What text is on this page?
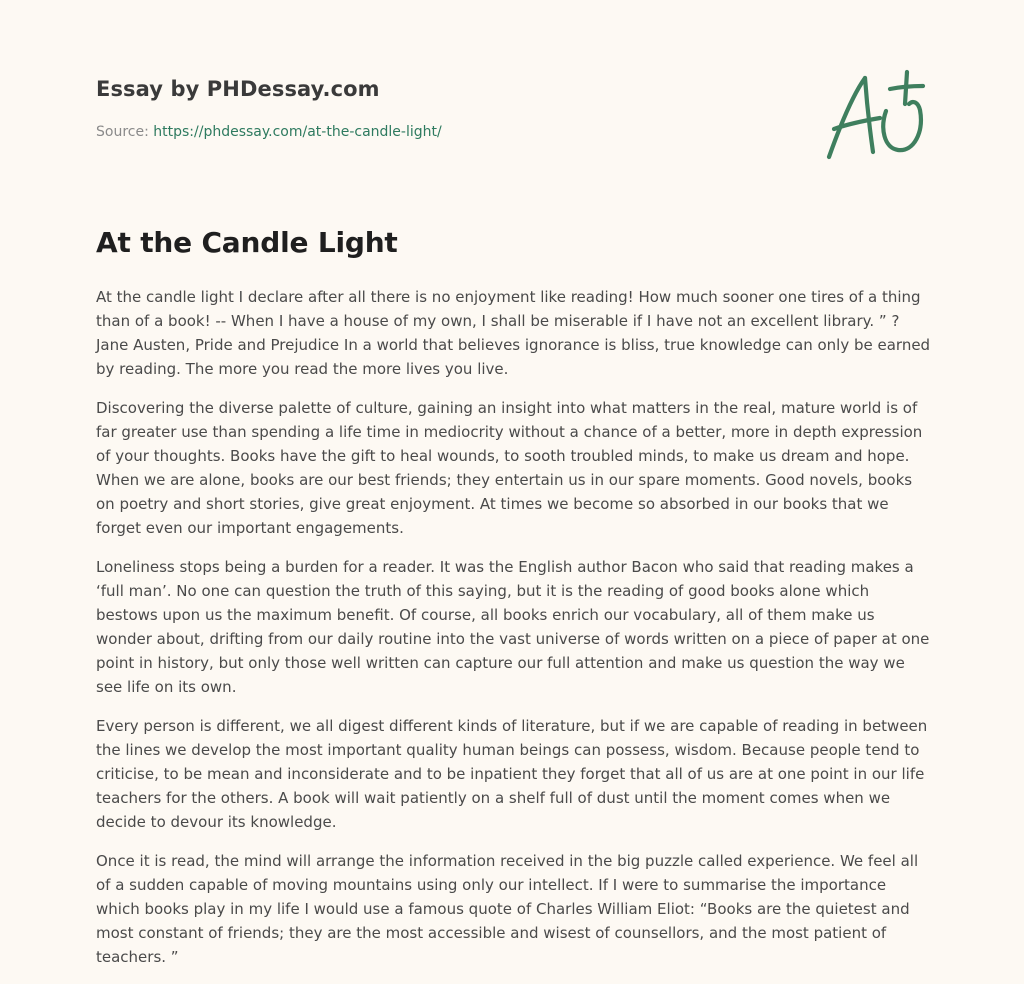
Essay by PHDessay.com
Source: https://phdessay.com/at-the-candle-light/
At the Candle Light

At the candle light I declare after all there is no enjoyment like reading! How much sooner one tires of a thing than of a book! -- When I have a house of my own, I shall be miserable if I have not an excellent library. ” ? Jane Austen, Pride and Prejudice In a world that believes ignorance is bliss, true knowledge can only be earned by reading. The more you read the more lives you live.

Discovering the diverse palette of culture, gaining an insight into what matters in the real, mature world is of far greater use than spending a life time in mediocrity without a chance of a better, more in depth expression of your thoughts. Books have the gift to heal wounds, to sooth troubled minds, to make us dream and hope. When we are alone, books are our best friends; they entertain us in our spare moments. Good novels, books on poetry and short stories, give great enjoyment. At times we become so absorbed in our books that we forget even our important engagements.

Loneliness stops being a burden for a reader. It was the English author Bacon who said that reading makes a ‘full man’. No one can question the truth of this saying, but it is the reading of good books alone which bestows upon us the maximum benefit. Of course, all books enrich our vocabulary, all of them make us wonder about, drifting from our daily routine into the vast universe of words written on a piece of paper at one point in history, but only those well written can capture our full attention and make us question the way we see life on its own.

Every person is different, we all digest different kinds of literature, but if we are capable of reading in between the lines we develop the most important quality human beings can possess, wisdom. Because people tend to criticise, to be mean and inconsiderate and to be inpatient they forget that all of us are at one point in our life teachers for the others. A book will wait patiently on a shelf full of dust until the moment comes when we decide to devour its knowledge.

Once it is read, the mind will arrange the information received in the big puzzle called experience. We feel all of a sudden capable of moving mountains using only our intellect. If I were to summarise the importance which books play in my life I would use a famous quote of Charles William Eliot: “Books are the quietest and most constant of friends; they are the most accessible and wisest of counsellors, and the most patient of teachers. ”
